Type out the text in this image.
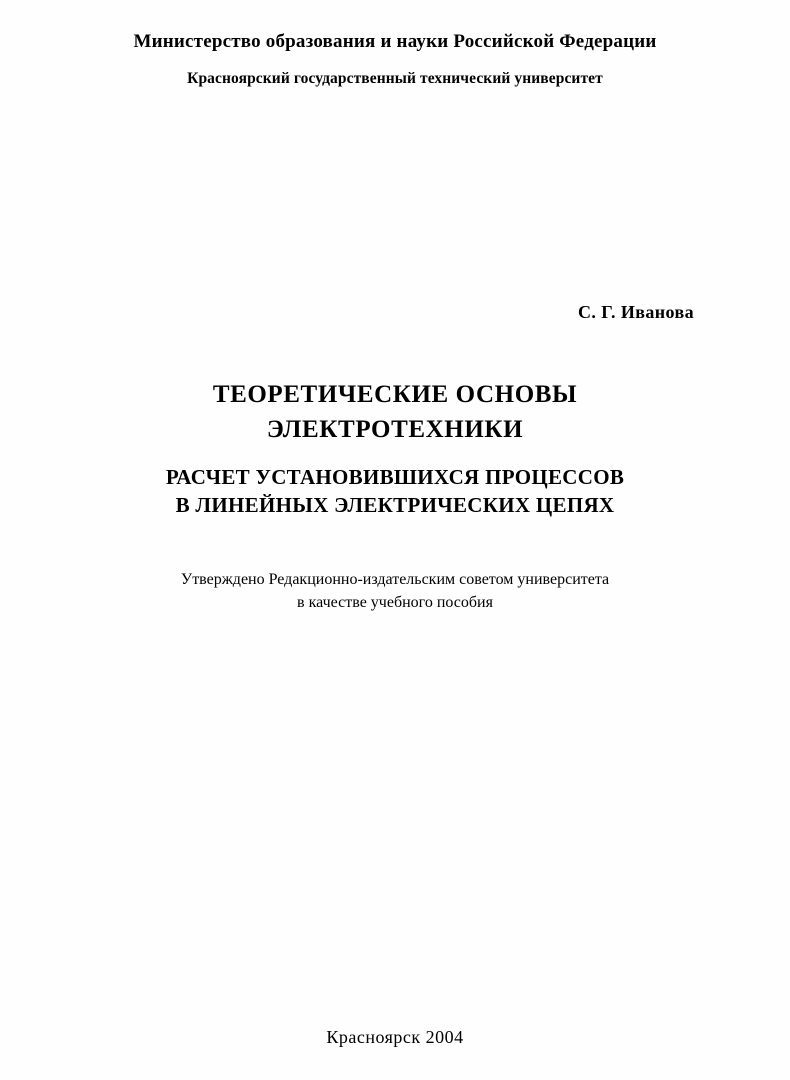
Министерство образования и науки Российской Федерации
Красноярский государственный технический университет
С. Г. Иванова
ТЕОРЕТИЧЕСКИЕ ОСНОВЫ
ЭЛЕКТРОТЕХНИКИ
РАСЧЕТ УСТАНОВИВШИХСЯ ПРОЦЕССОВ
В ЛИНЕЙНЫХ ЭЛЕКТРИЧЕСКИХ ЦЕПЯХ
Утверждено Редакционно-издательским советом университета
в качестве учебного пособия
Красноярск 2004
